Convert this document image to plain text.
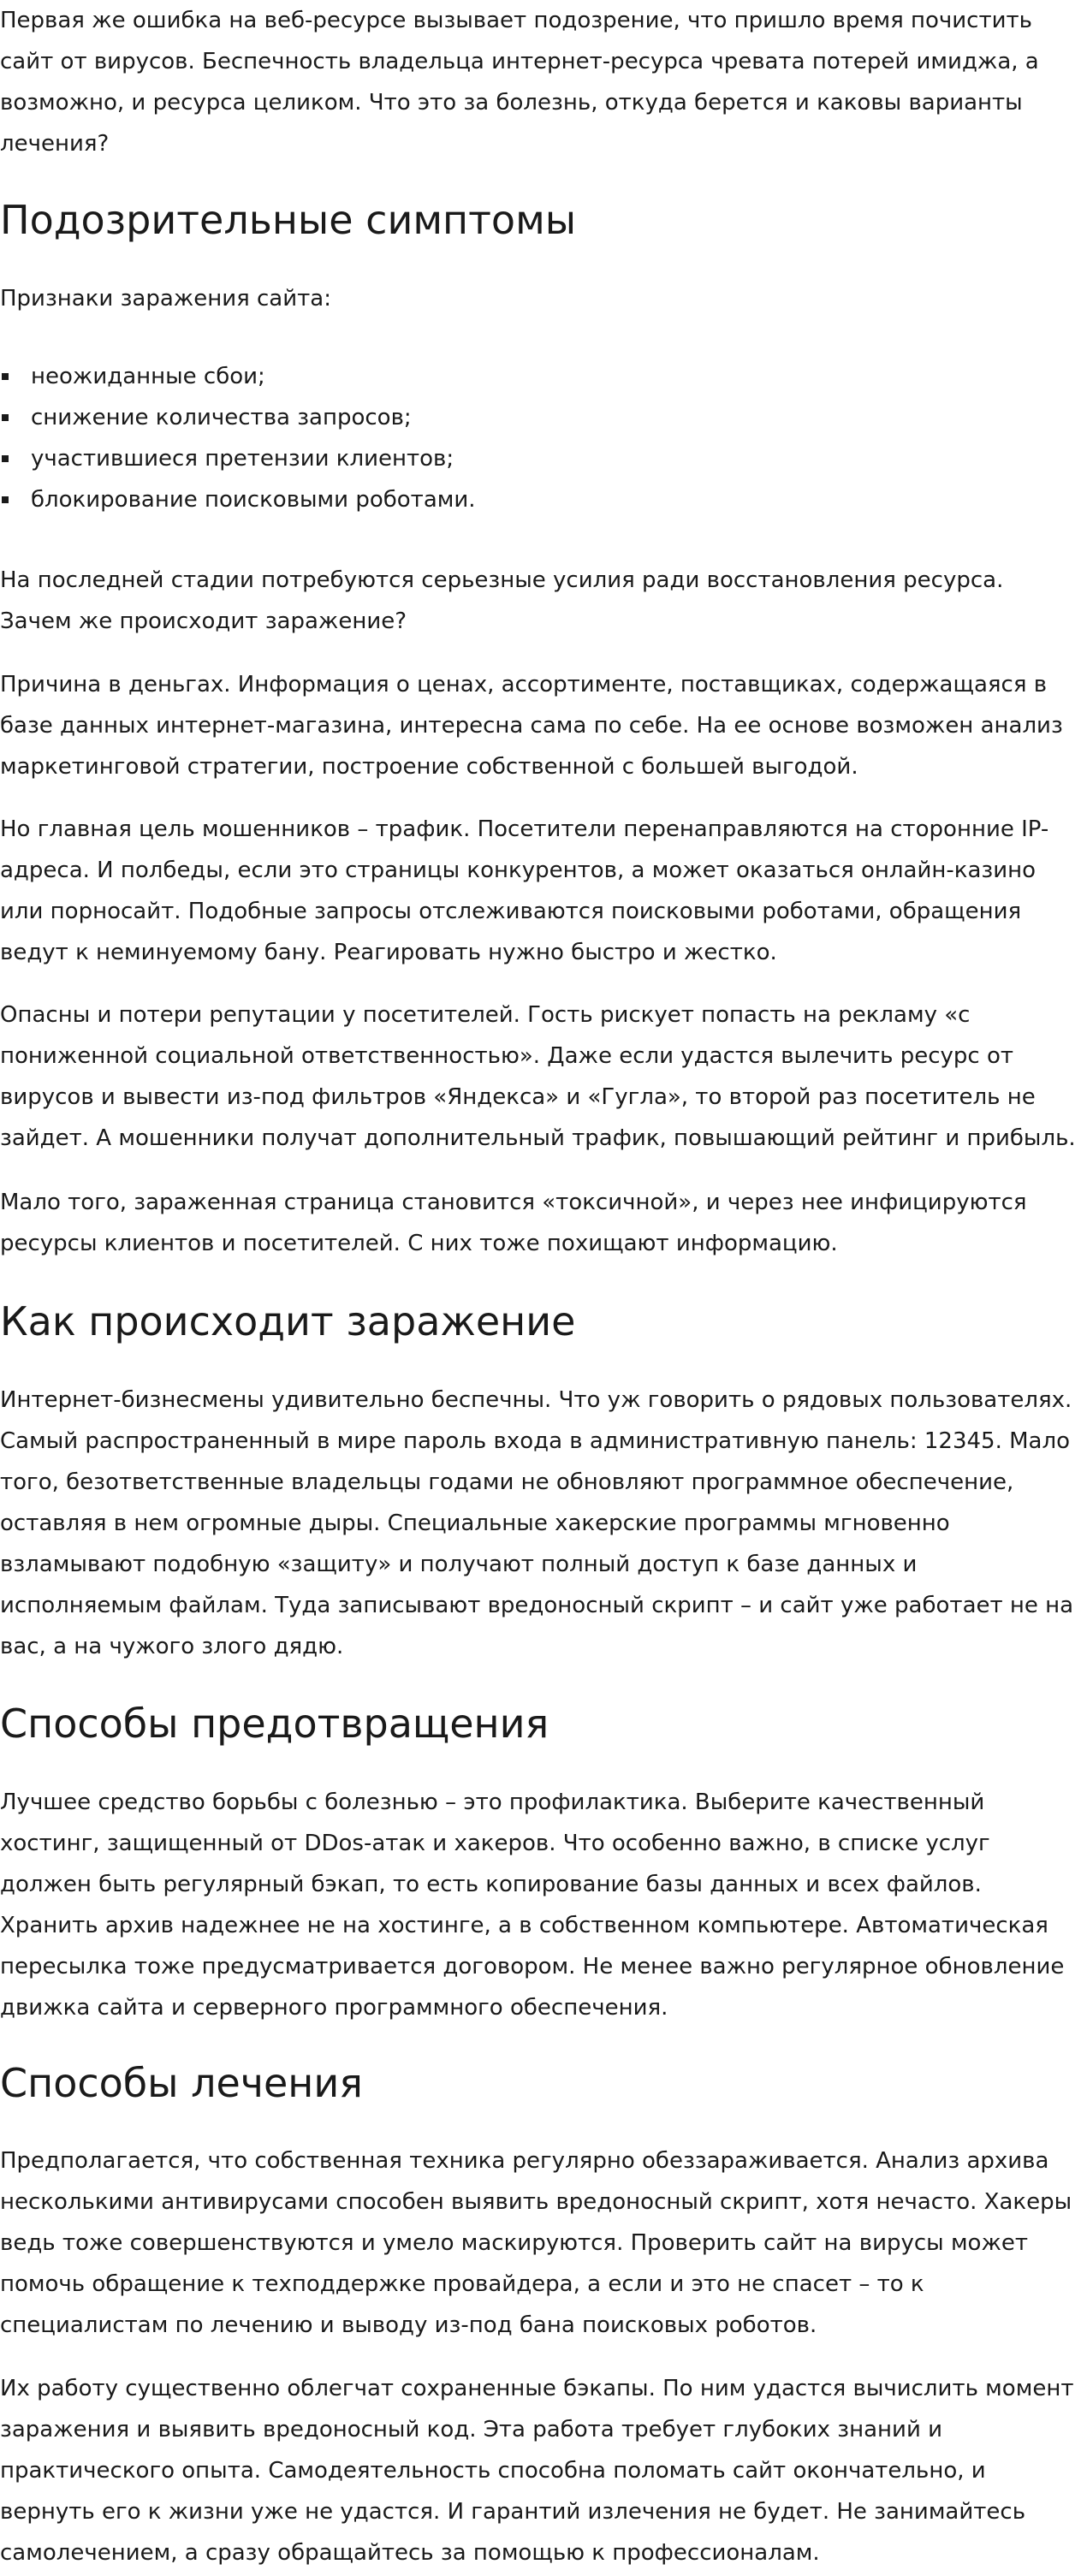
Первая же ошибка на веб-ресурсе вызывает подозрение, что пришло время почистить сайт от вирусов. Беспечность владельца интернет-ресурса чревата потерей имиджа, а возможно, и ресурса целиком. Что это за болезнь, откуда берется и каковы варианты лечения?

Подозрительные симптомы

Признаки заражения сайта:

неожиданные сбои;
снижение количества запросов;
участившиеся претензии клиентов;
блокирование поисковыми роботами.

На последней стадии потребуются серьезные усилия ради восстановления ресурса. Зачем же происходит заражение?

Причина в деньгах. Информация о ценах, ассортименте, поставщиках, содержащаяся в базе данных интернет-магазина, интересна сама по себе. На ее основе возможен анализ маркетинговой стратегии, построение собственной с большей выгодой.

Но главная цель мошенников – трафик. Посетители перенаправляются на сторонние IP-адреса. И полбеды, если это страницы конкурентов, а может оказаться онлайн-казино или порносайт. Подобные запросы отслеживаются поисковыми роботами, обращения ведут к неминуемому бану. Реагировать нужно быстро и жестко.

Опасны и потери репутации у посетителей. Гость рискует попасть на рекламу «с пониженной социальной ответственностью». Даже если удастся вылечить ресурс от вирусов и вывести из-под фильтров «Яндекса» и «Гугла», то второй раз посетитель не зайдет. А мошенники получат дополнительный трафик, повышающий рейтинг и прибыль.

Мало того, зараженная страница становится «токсичной», и через нее инфицируются ресурсы клиентов и посетителей. С них тоже похищают информацию.

Как происходит заражение

Интернет-бизнесмены удивительно беспечны. Что уж говорить о рядовых пользователях. Самый распространенный в мире пароль входа в административную панель: 12345. Мало того, безответственные владельцы годами не обновляют программное обеспечение, оставляя в нем огромные дыры. Специальные хакерские программы мгновенно взламывают подобную «защиту» и получают полный доступ к базе данных и исполняемым файлам. Туда записывают вредоносный скрипт – и сайт уже работает не на вас, а на чужого злого дядю.

Способы предотвращения

Лучшее средство борьбы с болезнью – это профилактика. Выберите качественный хостинг, защищенный от DDos-атак и хакеров. Что особенно важно, в списке услуг должен быть регулярный бэкап, то есть копирование базы данных и всех файлов. Хранить архив надежнее не на хостинге, а в собственном компьютере. Автоматическая пересылка тоже предусматривается договором. Не менее важно регулярное обновление движка сайта и серверного программного обеспечения.

Способы лечения

Предполагается, что собственная техника регулярно обеззараживается. Анализ архива несколькими антивирусами способен выявить вредоносный скрипт, хотя нечасто. Хакеры ведь тоже совершенствуются и умело маскируются. Проверить сайт на вирусы может помочь обращение к техподдержке провайдера, а если и это не спасет – то к специалистам по лечению и выводу из-под бана поисковых роботов.

Их работу существенно облегчат сохраненные бэкапы. По ним удастся вычислить момент заражения и выявить вредоносный код. Эта работа требует глубоких знаний и практического опыта. Самодеятельность способна поломать сайт окончательно, и вернуть его к жизни уже не удастся. И гарантий излечения не будет. Не занимайтесь самолечением, а сразу обращайтесь за помощью к профессионалам.
